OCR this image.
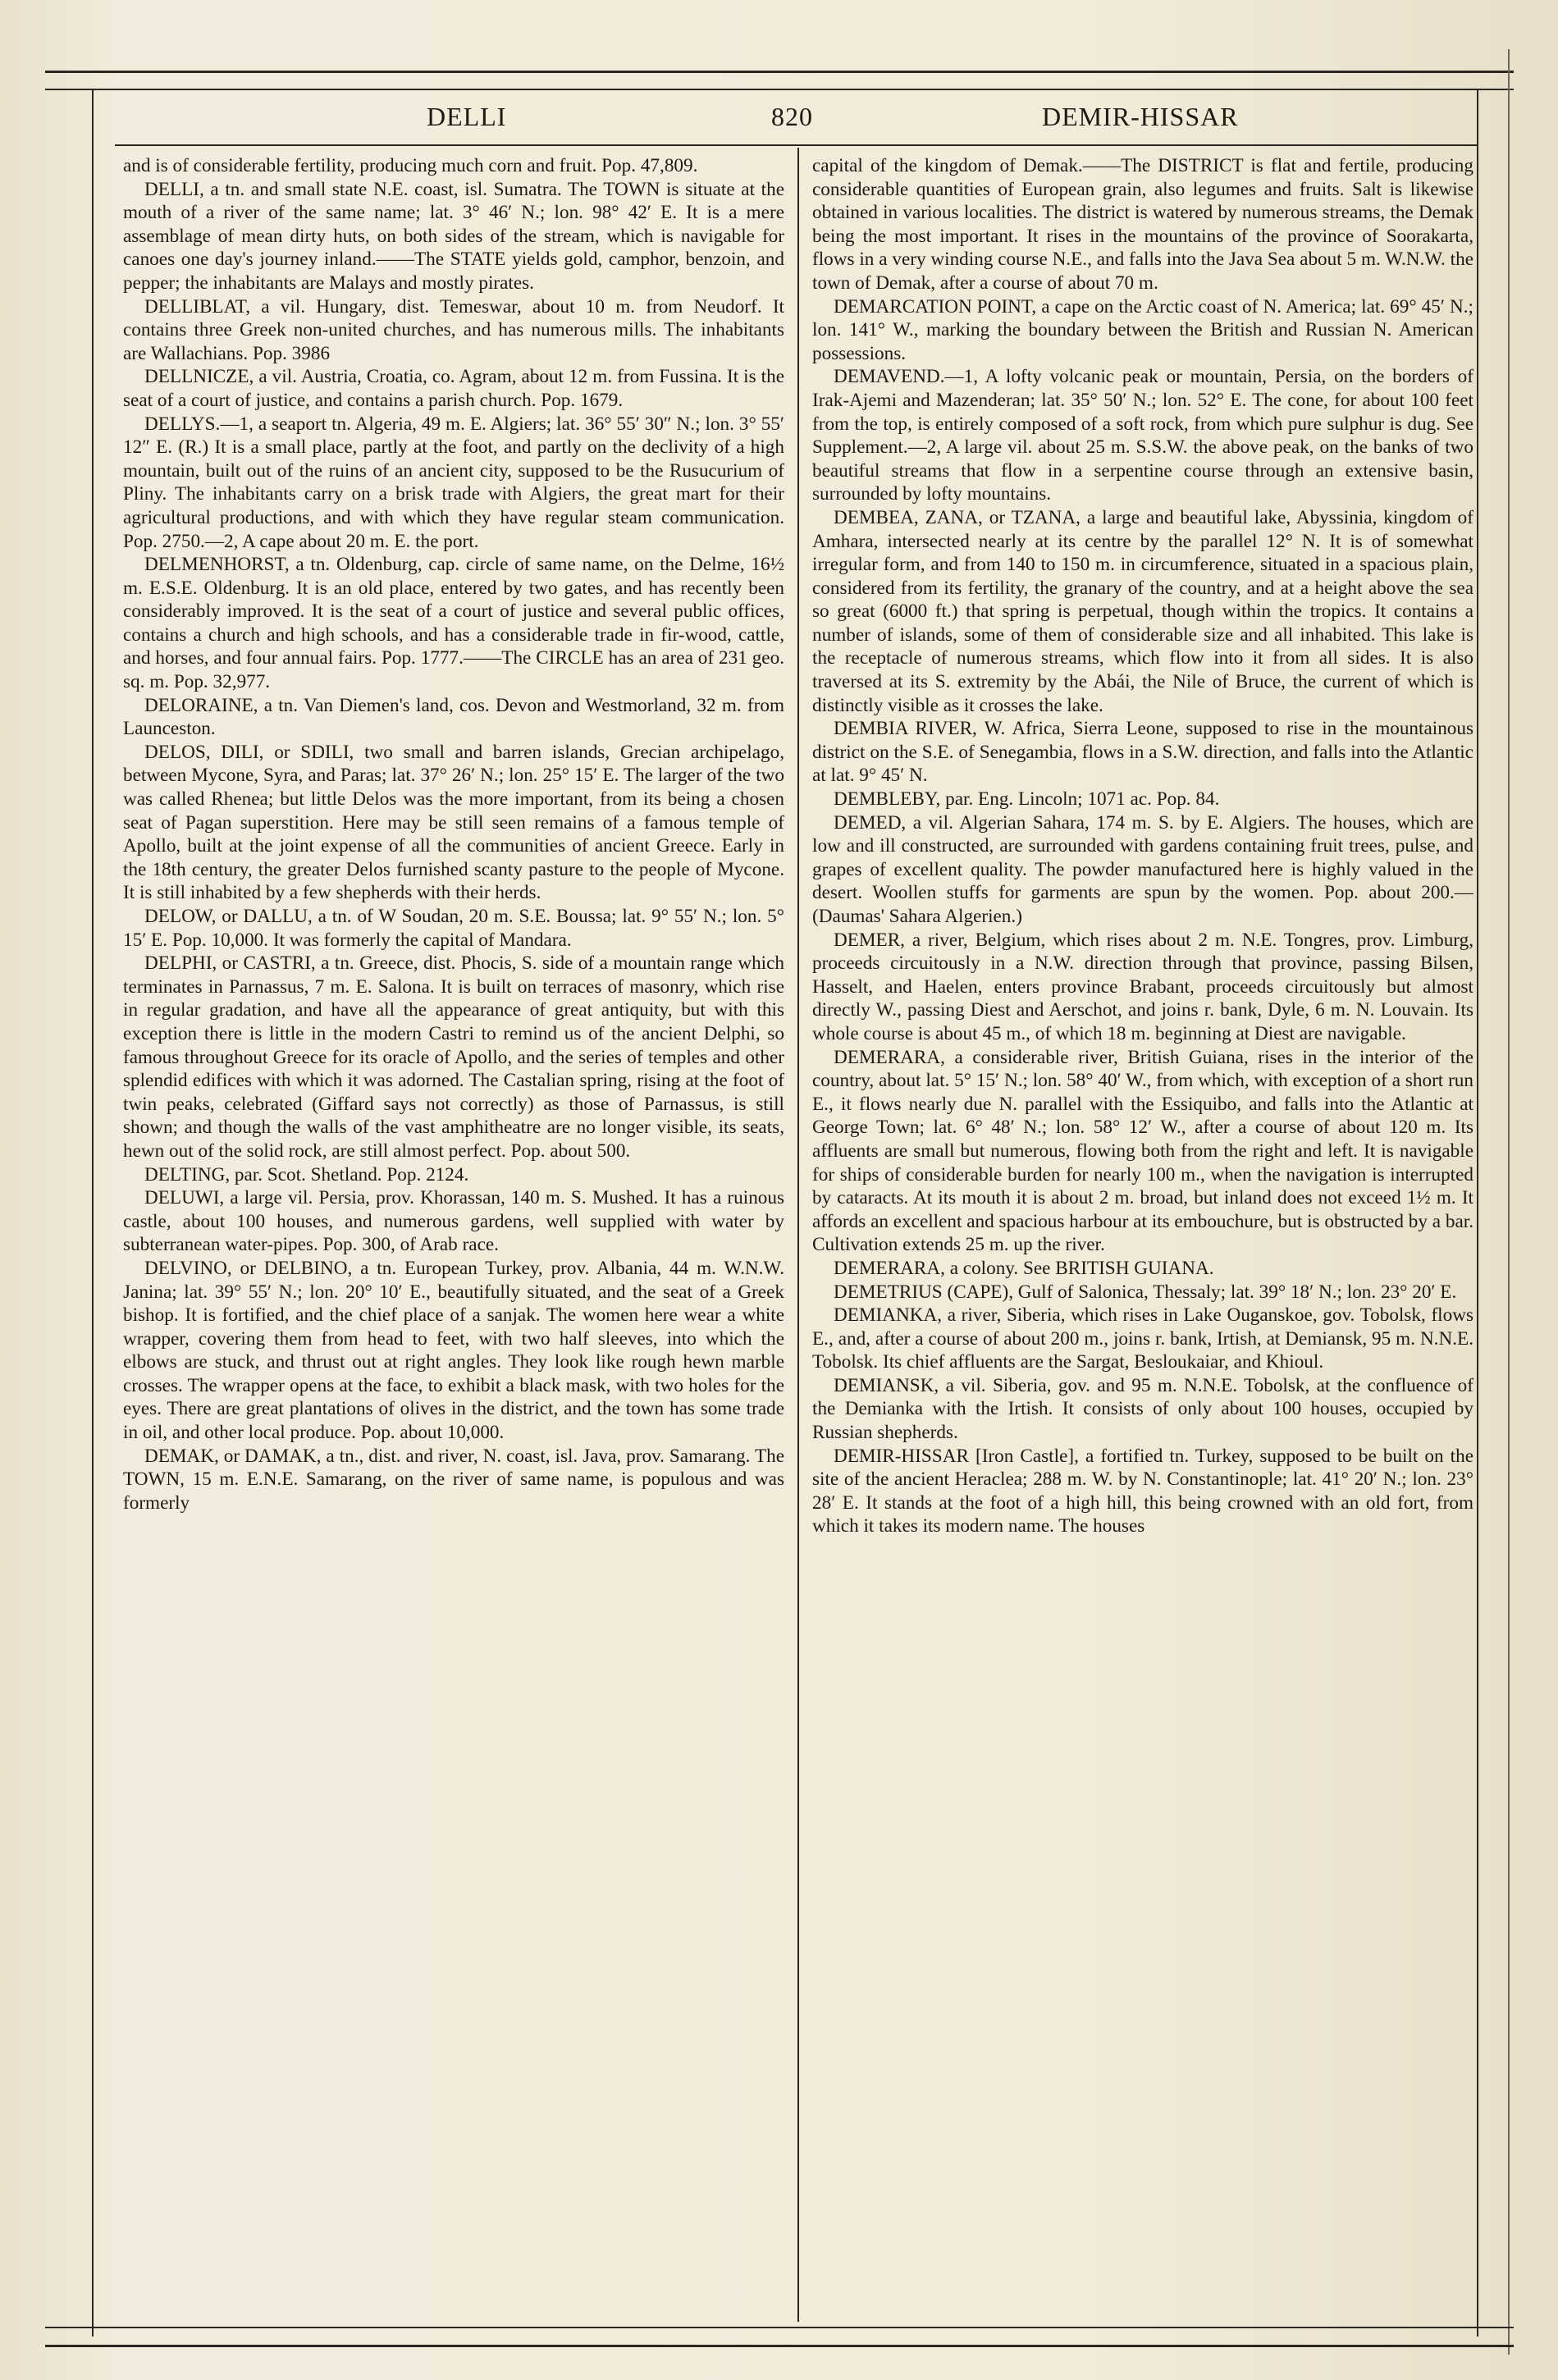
DELLI	820	DEMIR-HISSAR

and is of considerable fertility, producing much corn and fruit. Pop. 47,809.

DELLI, a tn. and small state N.E. coast, isl. Sumatra. The TOWN is situate at the mouth of a river of the same name; lat. 3° 46′ N.; lon. 98° 42′ E. It is a mere assemblage of mean dirty huts, on both sides of the stream, which is navigable for canoes one day's journey inland.——The STATE yields gold, camphor, benzoin, and pepper; the inhabitants are Malays and mostly pirates.

DELLIBLAT, a vil. Hungary, dist. Temeswar, about 10 m. from Neudorf. It contains three Greek non-united churches, and has numerous mills. The inhabitants are Wallachians. Pop. 3986

DELLNICZE, a vil. Austria, Croatia, co. Agram, about 12 m. from Fussina. It is the seat of a court of justice, and contains a parish church. Pop. 1679.

DELLYS.—1, a seaport tn. Algeria, 49 m. E. Algiers; lat. 36° 55′ 30″ N.; lon. 3° 55′ 12″ E. (R.) It is a small place, partly at the foot, and partly on the declivity of a high mountain, built out of the ruins of an ancient city, supposed to be the Rusucurium of Pliny. The inhabitants carry on a brisk trade with Algiers, the great mart for their agricultural productions, and with which they have regular steam communication. Pop. 2750.—2, A cape about 20 m. E. the port.

DELMENHORST, a tn. Oldenburg, cap. circle of same name, on the Delme, 16½ m. E.S.E. Oldenburg. It is an old place, entered by two gates, and has recently been considerably improved. It is the seat of a court of justice and several public offices, contains a church and high schools, and has a considerable trade in fir-wood, cattle, and horses, and four annual fairs. Pop. 1777.——The CIRCLE has an area of 231 geo. sq. m. Pop. 32,977.

DELORAINE, a tn. Van Diemen's land, cos. Devon and Westmorland, 32 m. from Launceston.

DELOS, DILI, or SDILI, two small and barren islands, Grecian archipelago, between Myconе, Syra, and Paras; lat. 37° 26′ N.; lon. 25° 15′ E. The larger of the two was called Rhenea; but little Delos was the more important, from its being a chosen seat of Pagan superstition. Here may be still seen remains of a famous temple of Apollo, built at the joint expense of all the communities of ancient Greece. Early in the 18th century, the greater Delos furnished scanty pasture to the people of Mycone. It is still inhabited by a few shepherds with their herds.

DELOW, or DALLU, a tn. of W Soudan, 20 m. S.E. Boussa; lat. 9° 55′ N.; lon. 5° 15′ E. Pop. 10,000. It was formerly the capital of Mandara.

DELPHI, or CASTRI, a tn. Greece, dist. Phocis, S. side of a mountain range which terminates in Parnassus, 7 m. E. Salona. It is built on terraces of masonry, which rise in regular gradation, and have all the appearance of great antiquity, but with this exception there is little in the modern Castri to remind us of the ancient Delphi, so famous throughout Greece for its oracle of Apollo, and the series of temples and other splendid edifices with which it was adorned. The Castalian spring, rising at the foot of twin peaks, celebrated (Giffard says not correctly) as those of Parnassus, is still shown; and though the walls of the vast amphitheatre are no longer visible, its seats, hewn out of the solid rock, are still almost perfect. Pop. about 500.

DELTING, par. Scot. Shetland. Pop. 2124.

DELUWI, a large vil. Persia, prov. Khorassan, 140 m. S. Mushed. It has a ruinous castle, about 100 houses, and numerous gardens, well supplied with water by subterranean water-pipes. Pop. 300, of Arab race.

DELVINO, or DELBINO, a tn. European Turkey, prov. Albania, 44 m. W.N.W. Janina; lat. 39° 55′ N.; lon. 20° 10′ E., beautifully situated, and the seat of a Greek bishop. It is fortified, and the chief place of a sanjak. The women here wear a white wrapper, covering them from head to feet, with two half sleeves, into which the elbows are stuck, and thrust out at right angles. They look like rough hewn marble crosses. The wrapper opens at the face, to exhibit a black mask, with two holes for the eyes. There are great plantations of olives in the district, and the town has some trade in oil, and other local produce. Pop. about 10,000.

DEMAK, or DAMAK, a tn., dist. and river, N. coast, isl. Java, prov. Samarang. The TOWN, 15 m. E.N.E. Samarang, on the river of same name, is populous and was formerly

capital of the kingdom of Demak.——The DISTRICT is flat and fertile, producing considerable quantities of European grain, also legumes and fruits. Salt is likewise obtained in various localities. The district is watered by numerous streams, the Demak being the most important. It rises in the mountains of the province of Soorakarta, flows in a very winding course N.E., and falls into the Java Sea about 5 m. W.N.W. the town of Demak, after a course of about 70 m.

DEMARCATION POINT, a cape on the Arctic coast of N. America; lat. 69° 45′ N.; lon. 141° W., marking the boundary between the British and Russian N. American possessions.

DEMAVEND.—1, A lofty volcanic peak or mountain, Persia, on the borders of Irak-Ajemi and Mazenderan; lat. 35° 50′ N.; lon. 52° E. The cone, for about 100 feet from the top, is entirely composed of a soft rock, from which pure sulphur is dug. See Supplement.—2, A large vil. about 25 m. S.S.W. the above peak, on the banks of two beautiful streams that flow in a serpentine course through an extensive basin, surrounded by lofty mountains.

DEMBEA, ZANA, or TZANA, a large and beautiful lake, Abyssinia, kingdom of Amhara, intersected nearly at its centre by the parallel 12° N. It is of somewhat irregular form, and from 140 to 150 m. in circumference, situated in a spacious plain, considered from its fertility, the granary of the country, and at a height above the sea so great (6000 ft.) that spring is perpetual, though within the tropics. It contains a number of islands, some of them of considerable size and all inhabited. This lake is the receptacle of numerous streams, which flow into it from all sides. It is also traversed at its S. extremity by the Abái, the Nile of Bruce, the current of which is distinctly visible as it crosses the lake.

DEMBIA RIVER, W. Africa, Sierra Leone, supposed to rise in the mountainous district on the S.E. of Senegambia, flows in a S.W. direction, and falls into the Atlantic at lat. 9° 45′ N.

DEMBLEBY, par. Eng. Lincoln; 1071 ac. Pop. 84.

DEMED, a vil. Algerian Sahara, 174 m. S. by E. Algiers. The houses, which are low and ill constructed, are surrounded with gardens containing fruit trees, pulse, and grapes of excellent quality. The powder manufactured here is highly valued in the desert. Woollen stuffs for garments are spun by the women. Pop. about 200.—(Daumas' Sahara Algerien.)

DEMER, a river, Belgium, which rises about 2 m. N.E. Tongres, prov. Limburg, proceeds circuitously in a N.W. direction through that province, passing Bilsen, Hasselt, and Haelen, enters province Brabant, proceeds circuitously but almost directly W., passing Diest and Aerschot, and joins r. bank, Dyle, 6 m. N. Louvain. Its whole course is about 45 m., of which 18 m. beginning at Diest are navigable.

DEMERARA, a considerable river, British Guiana, rises in the interior of the country, about lat. 5° 15′ N.; lon. 58° 40′ W., from which, with exception of a short run E., it flows nearly due N. parallel with the Essiquibo, and falls into the Atlantic at George Town; lat. 6° 48′ N.; lon. 58° 12′ W., after a course of about 120 m. Its affluents are small but numerous, flowing both from the right and left. It is navigable for ships of considerable burden for nearly 100 m., when the navigation is interrupted by cataracts. At its mouth it is about 2 m. broad, but inland does not exceed 1½ m. It affords an excellent and spacious harbour at its embouchure, but is obstructed by a bar. Cultivation extends 25 m. up the river.

DEMERARA, a colony. See BRITISH GUIANA.

DEMETRIUS (CAPE), Gulf of Salonica, Thessaly; lat. 39° 18′ N.; lon. 23° 20′ E.

DEMIANKA, a river, Siberia, which rises in Lake Ouganskoe, gov. Tobolsk, flows E., and, after a course of about 200 m., joins r. bank, Irtish, at Demiansk, 95 m. N.N.E. Tobolsk. Its chief affluents are the Sargat, Besloukaiar, and Khioul.

DEMIANSK, a vil. Siberia, gov. and 95 m. N.N.E. Tobolsk, at the confluence of the Demianka with the Irtish. It consists of only about 100 houses, occupied by Russian shepherds.

DEMIR-HISSAR [Iron Castle], a fortified tn. Turkey, supposed to be built on the site of the ancient Heraclea; 288 m. W. by N. Constantinople; lat. 41° 20′ N.; lon. 23° 28′ E. It stands at the foot of a high hill, this being crowned with an old fort, from which it takes its modern name. The houses
